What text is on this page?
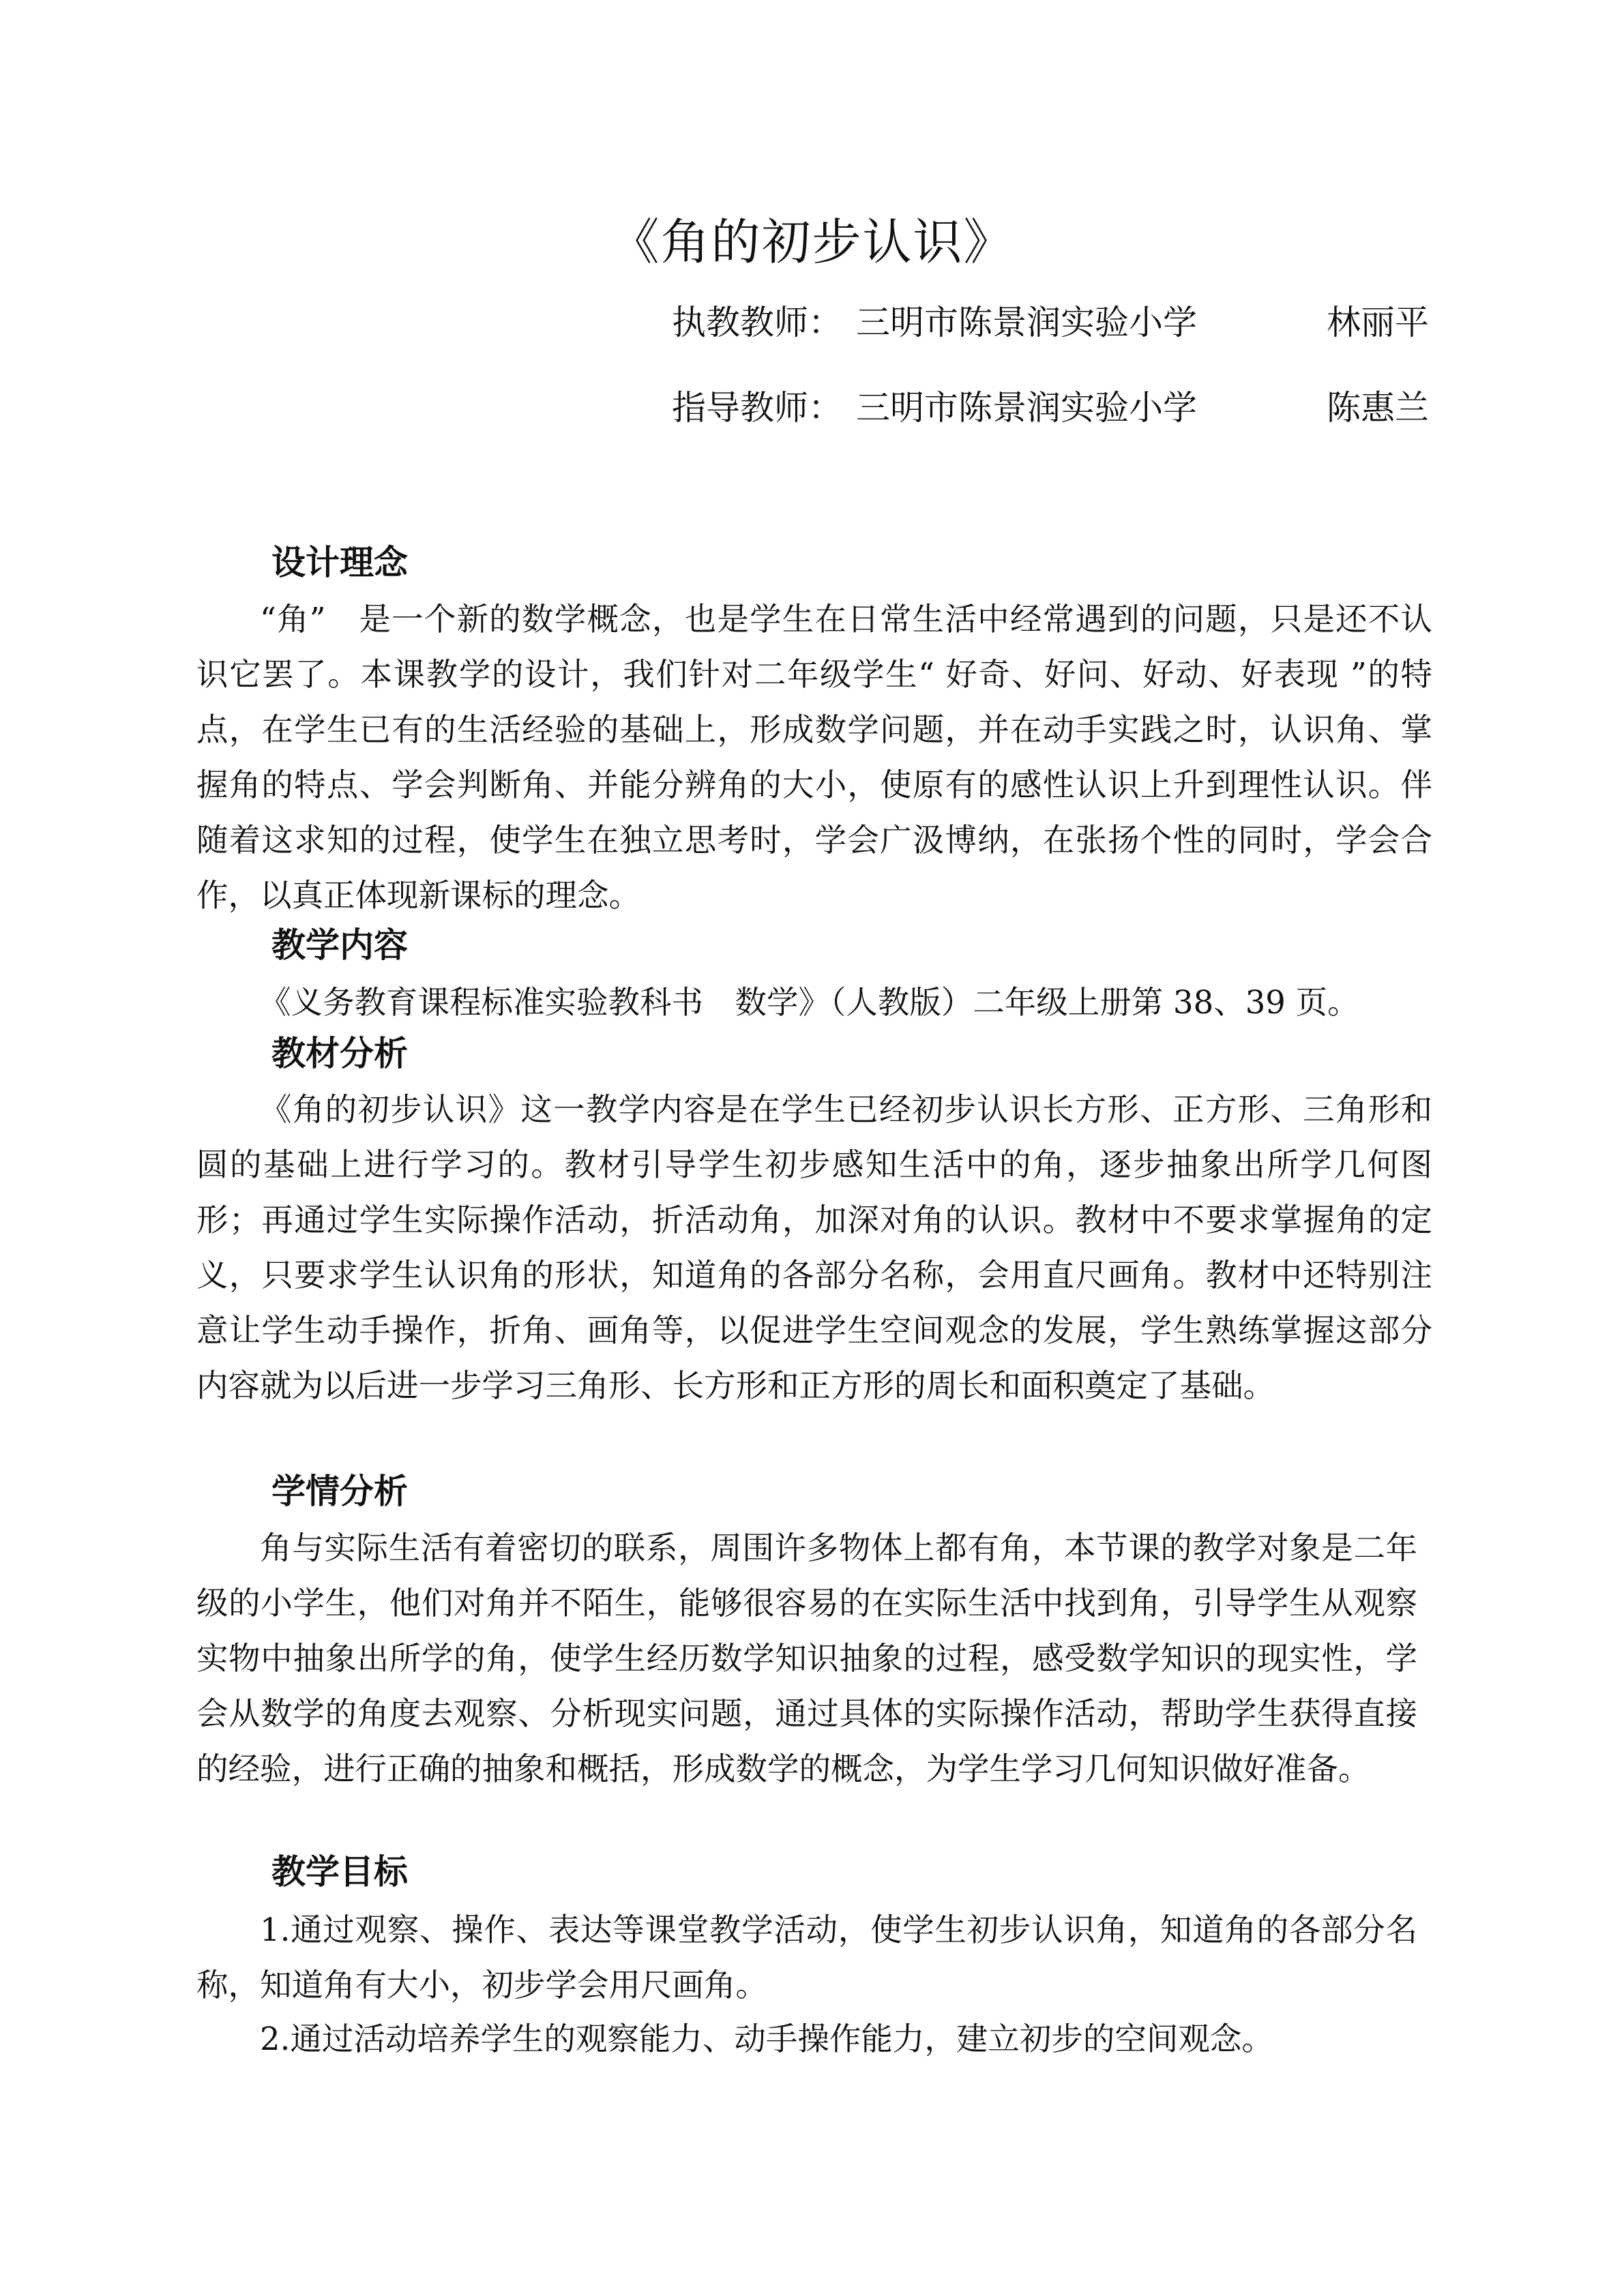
《角的初步认识》
执教教师： 三明市陈景润实验小学	林丽平
指导教师： 三明市陈景润实验小学	陈惠兰
设计理念

“角”　是一个新的数学概念，也是学生在日常生活中经常遇到的问题，只是还不认识它罢了。本课教学的设计，我们针对二年级学生“ 好奇、好问、好动、好表现 ”的特点，在学生已有的生活经验的基础上，形成数学问题，并在动手实践之时，认识角、掌握角的特点、学会判断角、并能分辨角的大小，使原有的感性认识上升到理性认识。伴随着这求知的过程，使学生在独立思考时，学会广汲博纳，在张扬个性的同时，学会合作，以真正体现新课标的理念。

教学内容

《义务教育课程标准实验教科书　数学》（人教版）二年级上册第 38、39 页。

教材分析

《角的初步认识》这一教学内容是在学生已经初步认识长方形、正方形、三角形和圆的基础上进行学习的。教材引导学生初步感知生活中的角，逐步抽象出所学几何图形；再通过学生实际操作活动，折活动角，加深对角的认识。教材中不要求掌握角的定义，只要求学生认识角的形状，知道角的各部分名称，会用直尺画角。教材中还特别注意让学生动手操作，折角、画角等，以促进学生空间观念的发展，学生熟练掌握这部分内容就为以后进一步学习三角形、长方形和正方形的周长和面积奠定了基础。

学情分析

角与实际生活有着密切的联系，周围许多物体上都有角，本节课的教学对象是二年级的小学生，他们对角并不陌生，能够很容易的在实际生活中找到角，引导学生从观察实物中抽象出所学的角，使学生经历数学知识抽象的过程，感受数学知识的现实性，学会从数学的角度去观察、分析现实问题，通过具体的实际操作活动，帮助学生获得直接的经验，进行正确的抽象和概括，形成数学的概念，为学生学习几何知识做好准备。

教学目标

1.通过观察、操作、表达等课堂教学活动，使学生初步认识角，知道角的各部分名称，知道角有大小，初步学会用尺画角。

2.通过活动培养学生的观察能力、动手操作能力，建立初步的空间观念。
